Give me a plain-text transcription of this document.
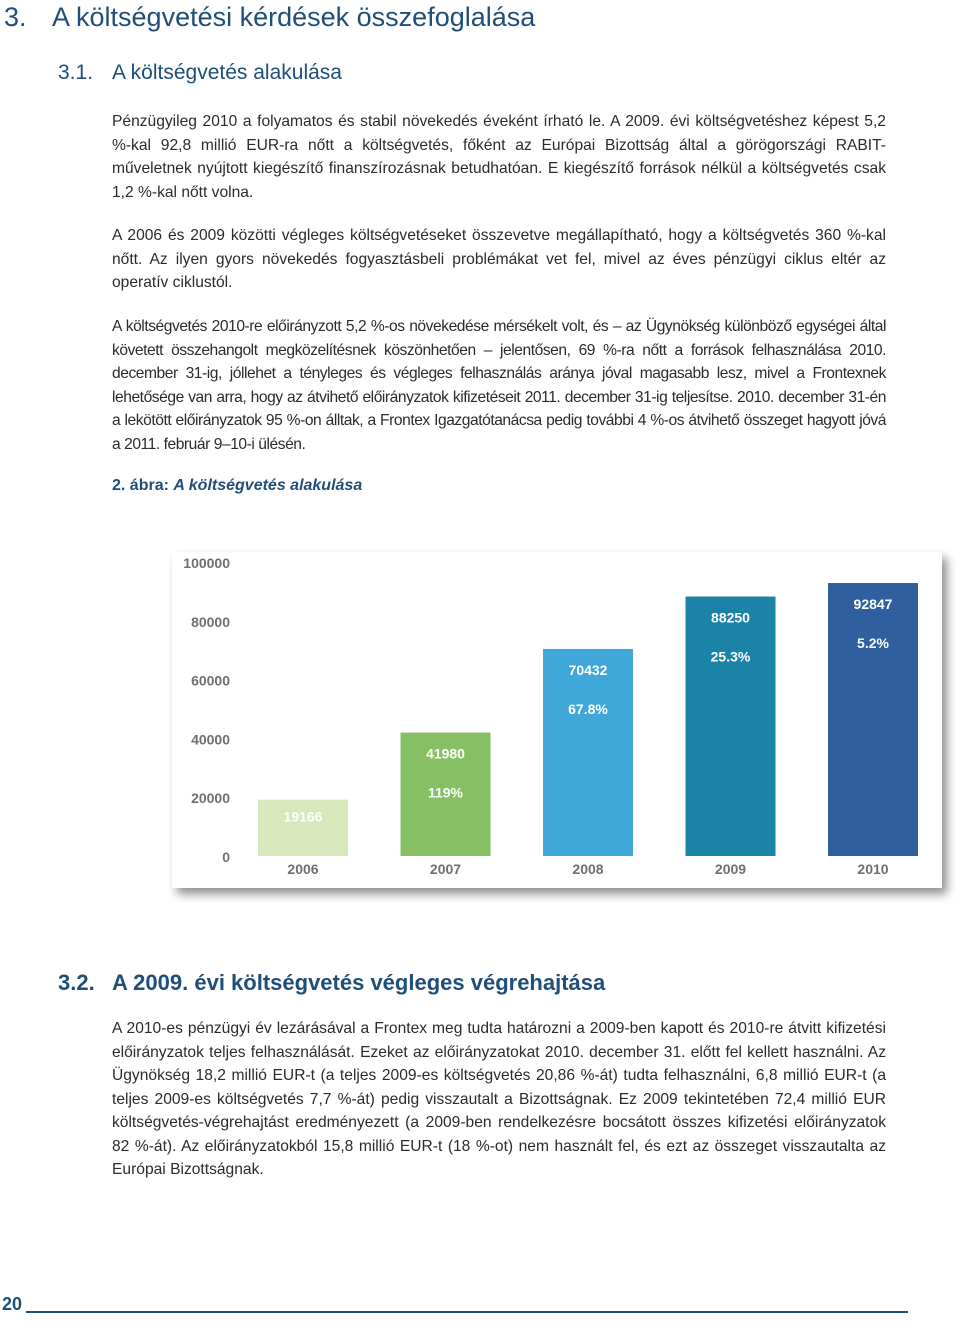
3. A költségvetési kérdések összefoglalása
3.1. A költségvetés alakulása

Pénzügyileg 2010 a folyamatos és stabil növekedés éveként írható le. A 2009. évi költségvetéshez képest 5,2 %-kal 92,8 millió EUR-ra nőtt a költségvetés, főként az Európai Bizottság által a görögországi RABIT-műveletnek nyújtott kiegészítő finanszírozásnak betudhatóan. E kiegészítő források nélkül a költségvetés csak 1,2 %-kal nőtt volna.

A 2006 és 2009 közötti végleges költségvetéseket összevetve megállapítható, hogy a költségvetés 360 %-kal nőtt. Az ilyen gyors növekedés fogyasztásbeli problémákat vet fel, mivel az éves pénzügyi ciklus eltér az operatív ciklustól.

A költségvetés 2010-re előirányzott 5,2 %-os növekedése mérsékelt volt, és – az Ügynökség különböző egységei által követett összehangolt megközelítésnek köszönhetően – jelentősen, 69 %-ra nőtt a források felhasználása 2010. december 31-ig, jóllehet a tényleges és végleges felhasználás aránya jóval magasabb lesz, mivel a Frontexnek lehetősége van arra, hogy az átvihető előirányzatok kifizetéseit 2011. december 31-ig teljesítse. 2010. december 31-én a lekötött előirányzatok 95 %-on álltak, a Frontex Igazgatótanácsa pedig további 4 %-os átvihető összeget hagyott jóvá a 2011. február 9–10-i ülésén.

2. ábra: A költségvetés alakulása
0
20000
40000
60000
80000
100000
19166
41980
119%
70432
67.8%
88250
25.3%
92847
5.2%
2006	2007	2008	2009	2010
3.2. A 2009. évi költségvetés végleges végrehajtása

A 2010-es pénzügyi év lezárásával a Frontex meg tudta határozni a 2009-ben kapott és 2010-re átvitt kifizetési előirányzatok teljes felhasználását. Ezeket az előirányzatokat 2010. december 31. előtt fel kellett használni. Az Ügynökség 18,2 millió EUR-t (a teljes 2009-es költségvetés 20,86 %-át) tudta felhasználni, 6,8 millió EUR-t (a teljes 2009-es költségvetés 7,7 %-át) pedig visszautalt a Bizottságnak. Ez 2009 tekintetében 72,4 millió EUR költségvetés-végrehajtást eredményezett (a 2009-ben rendelkezésre bocsátott összes kifizetési előirányzatok 82 %-át). Az előirányzatokból 15,8 millió EUR-t (18 %-ot) nem használt fel, és ezt az összeget visszautalta az Európai Bizottságnak.

20
